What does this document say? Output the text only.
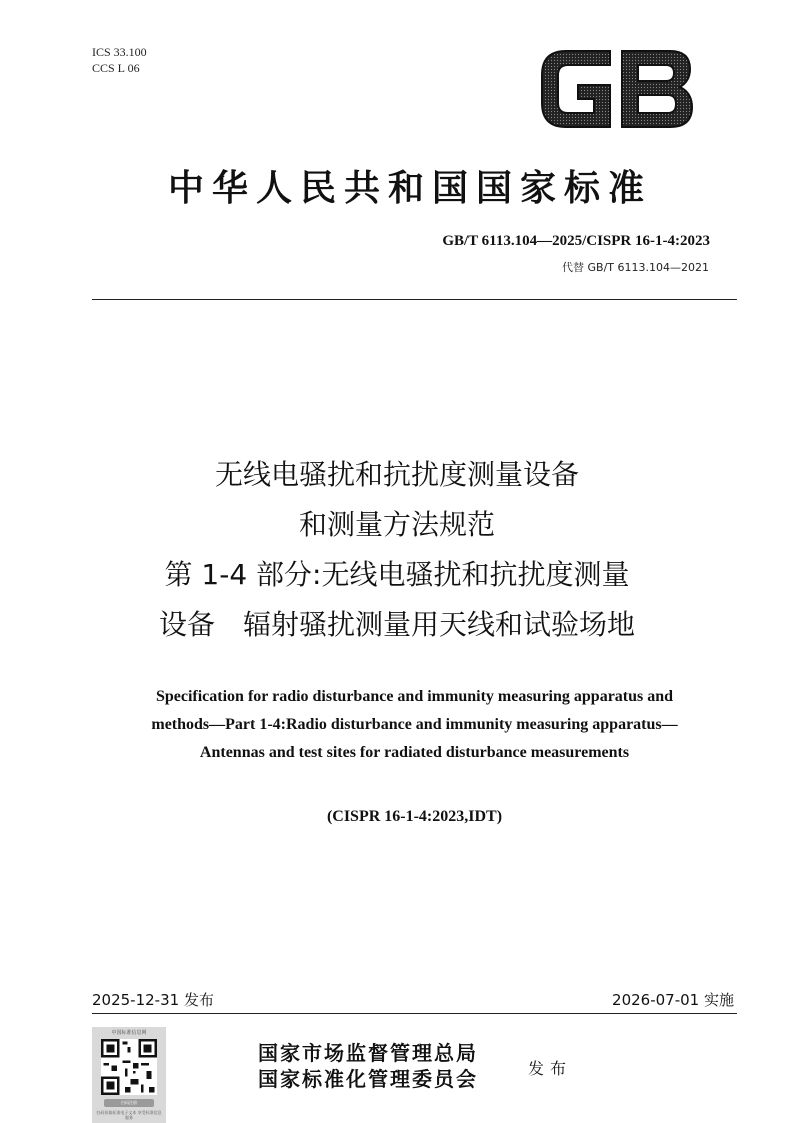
ICS 33.100
CCS L 06
中华人民共和国国家标准
GB/T 6113.104—2025/CISPR 16-1-4:2023
代替 GB/T 6113.104—2021
无线电骚扰和抗扰度测量设备
和测量方法规范
第 1-4 部分:无线电骚扰和抗扰度测量
设备　辐射骚扰测量用天线和试验场地
Specification for radio disturbance and immunity measuring apparatus and
methods—Part 1-4:Radio disturbance and immunity measuring apparatus—
Antennas and test sites for radiated disturbance measurements
(CISPR 16-1-4:2023,IDT)
2025-12-31 发布	2026-07-01 实施
中国标准信息网
扫码注册
扫码获取标准电子文本 享受标准信息服务
国家市场监督管理总局
国家标准化管理委员会	发布
